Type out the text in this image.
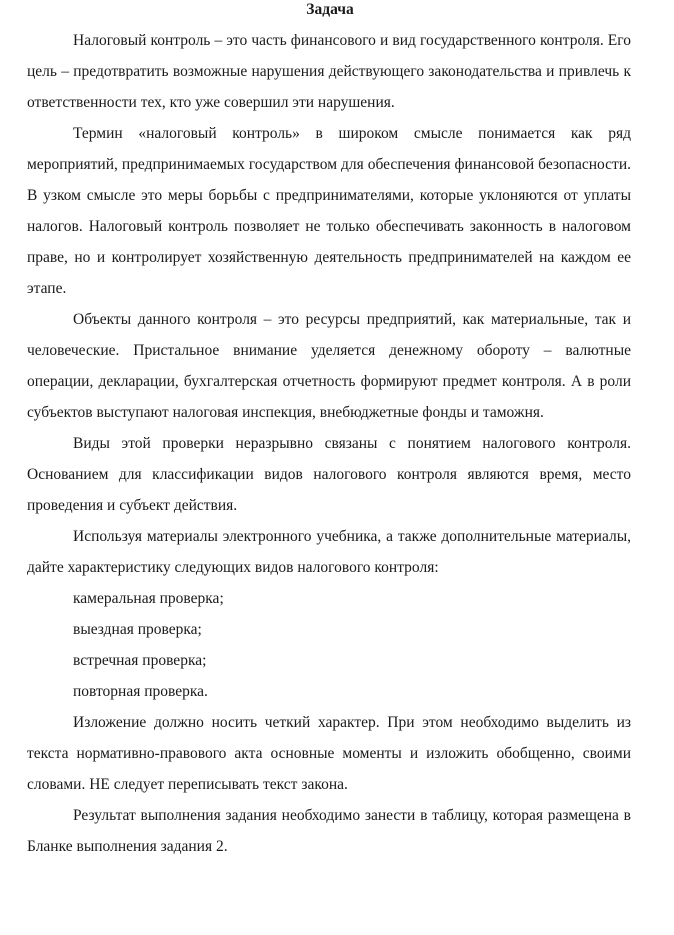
Задача

Налоговый контроль – это часть финансового и вид государственного контроля. Его цель – предотвратить возможные нарушения действующего законодательства и привлечь к ответственности тех, кто уже совершил эти нарушения.

Термин «налоговый контроль» в широком смысле понимается как ряд мероприятий, предпринимаемых государством для обеспечения финансовой безопасности. В узком смысле это меры борьбы с предпринимателями, которые уклоняются от уплаты налогов. Налоговый контроль позволяет не только обеспечивать законность в налоговом праве, но и контролирует хозяйственную деятельность предпринимателей на каждом ее этапе.

Объекты данного контроля – это ресурсы предприятий, как материальные, так и человеческие. Пристальное внимание уделяется денежному обороту – валютные операции, декларации, бухгалтерская отчетность формируют предмет контроля. А в роли субъектов выступают налоговая инспекция, внебюджетные фонды и таможня.

Виды этой проверки неразрывно связаны с понятием налогового контроля. Основанием для классификации видов налогового контроля являются время, место проведения и субъект действия.

Используя материалы электронного учебника, а также дополнительные материалы, дайте характеристику следующих видов налогового контроля:

камеральная проверка;

выездная проверка;

встречная проверка;

повторная проверка.

Изложение должно носить четкий характер. При этом необходимо выделить из текста нормативно-правового акта основные моменты и изложить обобщенно, своими словами. НЕ следует переписывать текст закона.

Результат выполнения задания необходимо занести в таблицу, которая размещена в Бланке выполнения задания 2.
